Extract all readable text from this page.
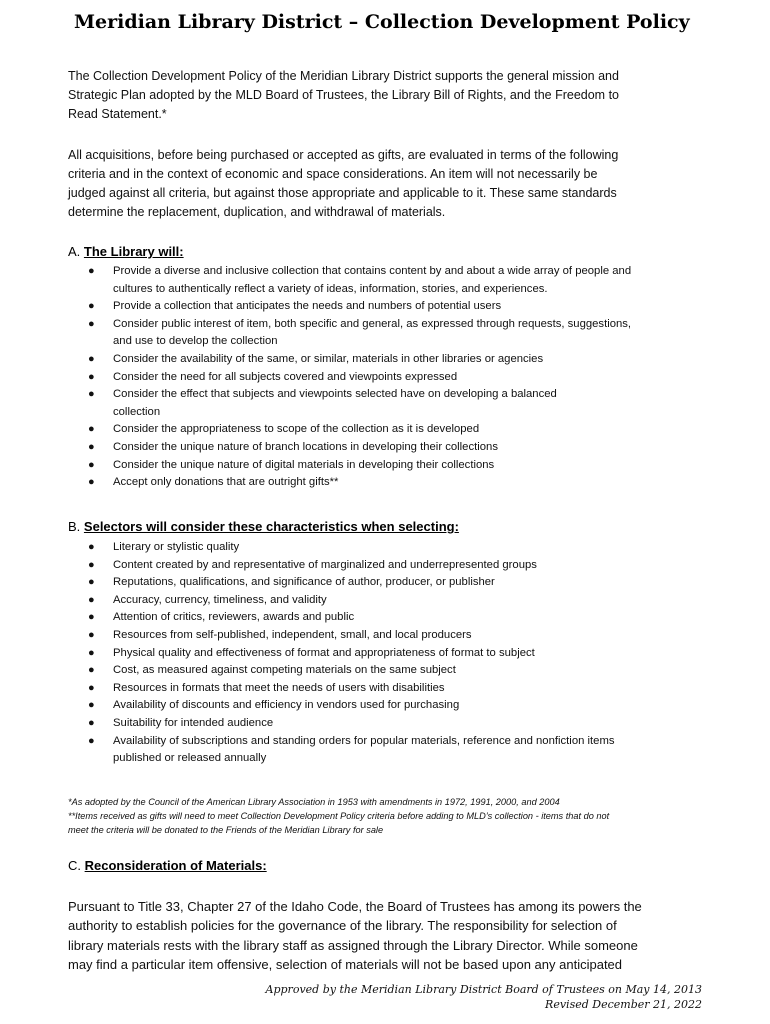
Meridian Library District – Collection Development Policy

The Collection Development Policy of the Meridian Library District supports the general mission and
Strategic Plan adopted by the MLD Board of Trustees, the Library Bill of Rights, and the Freedom to
Read Statement.*

All acquisitions, before being purchased or accepted as gifts, are evaluated in terms of the following
criteria and in the context of economic and space considerations. An item will not necessarily be
judged against all criteria, but against those appropriate and applicable to it. These same standards
determine the replacement, duplication, and withdrawal of materials.

A. The Library will:
● Provide a diverse and inclusive collection that contains content by and about a wide array of people and
cultures to authentically reflect a variety of ideas, information, stories, and experiences.
● Provide a collection that anticipates the needs and numbers of potential users
● Consider public interest of item, both specific and general, as expressed through requests, suggestions,
and use to develop the collection
● Consider the availability of the same, or similar, materials in other libraries or agencies
● Consider the need for all subjects covered and viewpoints expressed
● Consider the effect that subjects and viewpoints selected have on developing a balanced
collection
● Consider the appropriateness to scope of the collection as it is developed
● Consider the unique nature of branch locations in developing their collections
● Consider the unique nature of digital materials in developing their collections
● Accept only donations that are outright gifts**
B. Selectors will consider these characteristics when selecting:
● Literary or stylistic quality
● Content created by and representative of marginalized and underrepresented groups
● Reputations, qualifications, and significance of author, producer, or publisher
● Accuracy, currency, timeliness, and validity
● Attention of critics, reviewers, awards and public
● Resources from self-published, independent, small, and local producers
● Physical quality and effectiveness of format and appropriateness of format to subject
● Cost, as measured against competing materials on the same subject
● Resources in formats that meet the needs of users with disabilities
● Availability of discounts and efficiency in vendors used for purchasing
● Suitability for intended audience
● Availability of subscriptions and standing orders for popular materials, reference and nonfiction items
published or released annually

*As adopted by the Council of the American Library Association in 1953 with amendments in 1972, 1991, 2000, and 2004

**Items received as gifts will need to meet Collection Development Policy criteria before adding to MLD’s collection - items that do not
meet the criteria will be donated to the Friends of the Meridian Library for sale

C. Reconsideration of Materials:

Pursuant to Title 33, Chapter 27 of the Idaho Code, the Board of Trustees has among its powers the
authority to establish policies for the governance of the library. The responsibility for selection of
library materials rests with the library staff as assigned through the Library Director. While someone
may find a particular item offensive, selection of materials will not be based upon any anticipated

Approved by the Meridian Library District Board of Trustees on May 14, 2013

Revised December 21, 2022
